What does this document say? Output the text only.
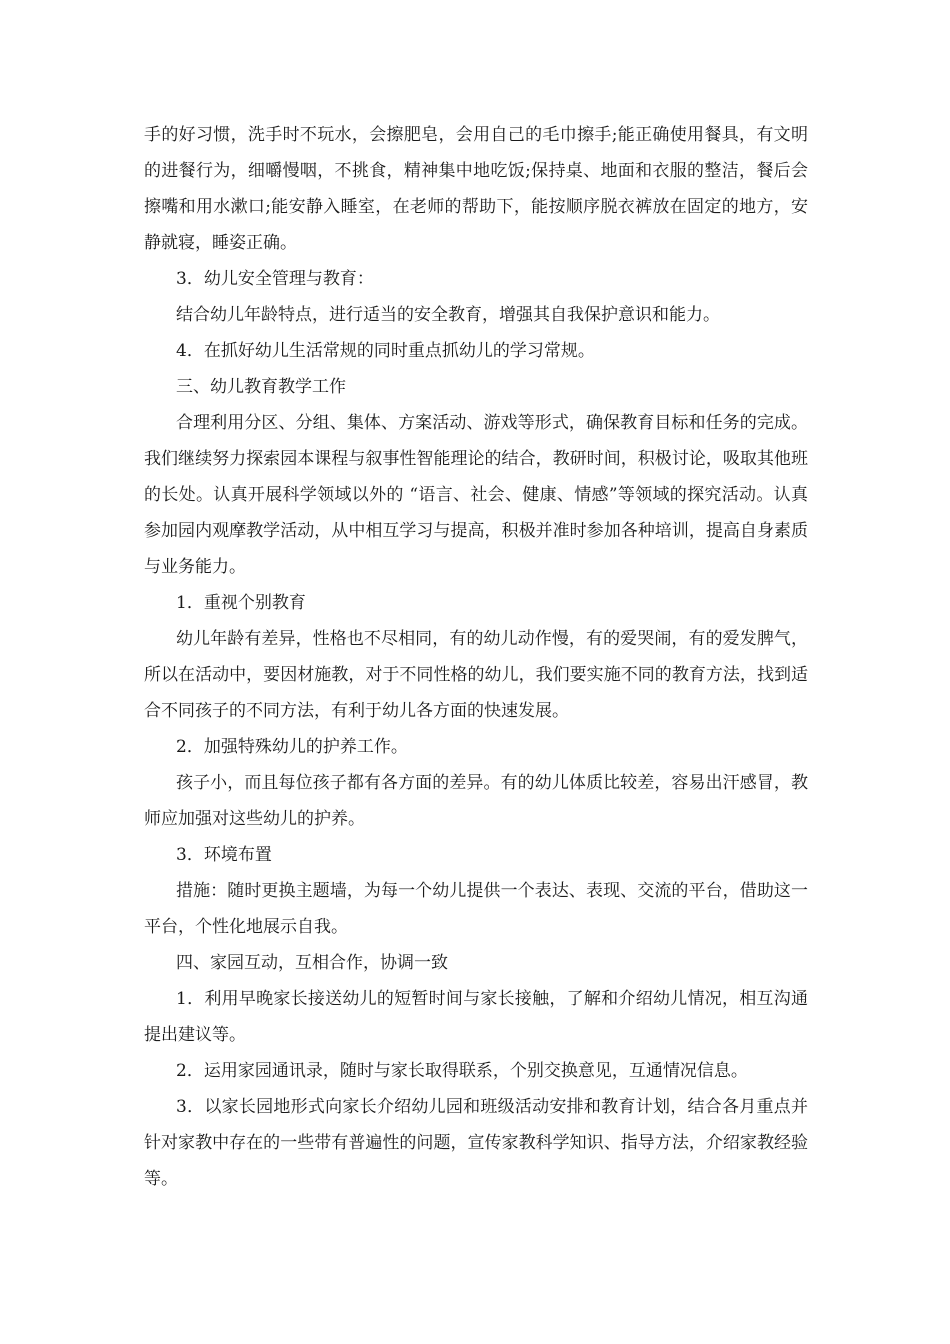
手的好习惯，洗手时不玩水，会擦肥皂，会用自己的毛巾擦手;能正确使用餐具，有文明的进餐行为，细嚼慢咽，不挑食，精神集中地吃饭;保持桌、地面和衣服的整洁，餐后会擦嘴和用水漱口;能安静入睡室，在老师的帮助下，能按顺序脱衣裤放在固定的地方，安静就寝，睡姿正确。

3．幼儿安全管理与教育：

结合幼儿年龄特点，进行适当的安全教育，增强其自我保护意识和能力。

4．在抓好幼儿生活常规的同时重点抓幼儿的学习常规。

三、幼儿教育教学工作

合理利用分区、分组、集体、方案活动、游戏等形式，确保教育目标和任务的完成。我们继续努力探索园本课程与叙事性智能理论的结合，教研时间，积极讨论，吸取其他班的长处。认真开展科学领域以外的 “语言、社会、健康、情感”等领域的探究活动。认真参加园内观摩教学活动，从中相互学习与提高，积极并准时参加各种培训，提高自身素质与业务能力。

1．重视个别教育

幼儿年龄有差异，性格也不尽相同，有的幼儿动作慢，有的爱哭闹，有的爱发脾气，所以在活动中，要因材施教，对于不同性格的幼儿，我们要实施不同的教育方法，找到适合不同孩子的不同方法，有利于幼儿各方面的快速发展。

2．加强特殊幼儿的护养工作。

孩子小，而且每位孩子都有各方面的差异。有的幼儿体质比较差，容易出汗感冒，教师应加强对这些幼儿的护养。

3．环境布置

措施：随时更换主题墙，为每一个幼儿提供一个表达、表现、交流的平台，借助这一平台，个性化地展示自我。

四、家园互动，互相合作，协调一致

1．利用早晚家长接送幼儿的短暂时间与家长接触，了解和介绍幼儿情况，相互沟通提出建议等。

2．运用家园通讯录，随时与家长取得联系，个别交换意见，互通情况信息。

3．以家长园地形式向家长介绍幼儿园和班级活动安排和教育计划，结合各月重点并针对家教中存在的一些带有普遍性的问题，宣传家教科学知识、指导方法，介绍家教经验等。
